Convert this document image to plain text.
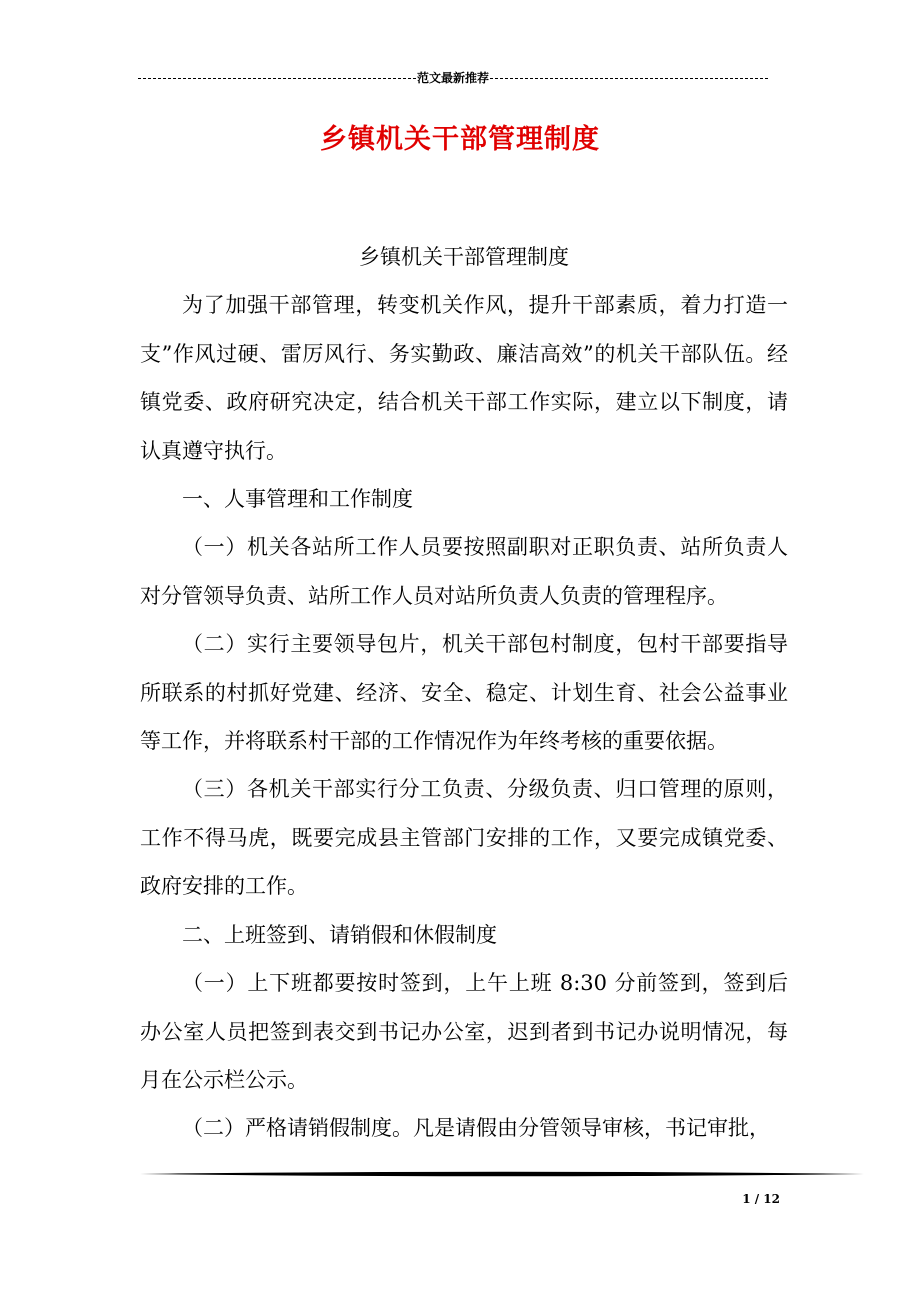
范文最新推荐
乡镇机关干部管理制度

乡镇机关干部管理制度

为了加强干部管理，转变机关作风，提升干部素质，着力打造一支”作风过硬、雷厉风行、务实勤政、廉洁高效”的机关干部队伍。经镇党委、政府研究决定，结合机关干部工作实际，建立以下制度，请认真遵守执行。

一、人事管理和工作制度

（一）机关各站所工作人员要按照副职对正职负责、站所负责人对分管领导负责、站所工作人员对站所负责人负责的管理程序。

（二）实行主要领导包片，机关干部包村制度，包村干部要指导所联系的村抓好党建、经济、安全、稳定、计划生育、社会公益事业等工作，并将联系村干部的工作情况作为年终考核的重要依据。

（三）各机关干部实行分工负责、分级负责、归口管理的原则，工作不得马虎，既要完成县主管部门安排的工作，又要完成镇党委、政府安排的工作。

二、上班签到、请销假和休假制度

（一）上下班都要按时签到，上午上班 8:30 分前签到，签到后办公室人员把签到表交到书记办公室，迟到者到书记办说明情况，每月在公示栏公示。

（二）严格请销假制度。凡是请假由分管领导审核，书记审批，

1 / 12
